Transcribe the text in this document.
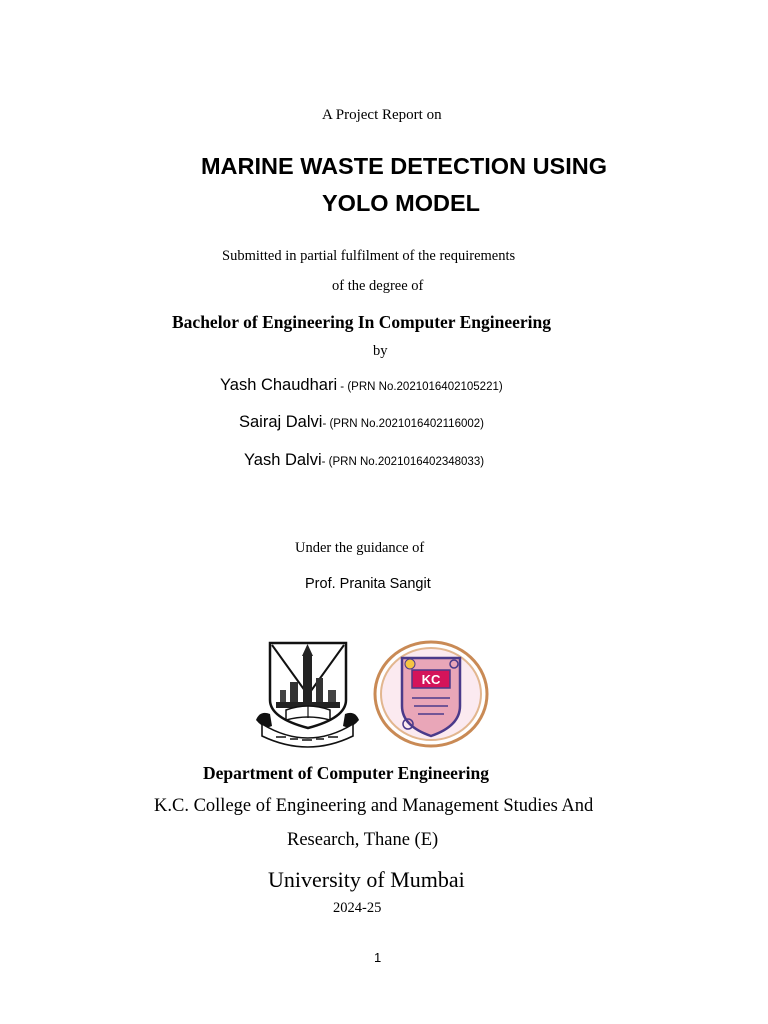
A Project Report on
MARINE WASTE DETECTION USING
YOLO MODEL
Submitted in partial fulfilment of the requirements
of the degree of
Bachelor of Engineering In Computer Engineering
by
Yash Chaudhari - (PRN No.2021016402105221)
Sairaj Dalvi- (PRN No.2021016402116002)
Yash Dalvi- (PRN No.2021016402348033)
Under the guidance of
Prof. Pranita Sangit
KC
Department of Computer Engineering
K.C. College of Engineering and Management Studies And
Research, Thane (E)
University of Mumbai
2024-25
1
